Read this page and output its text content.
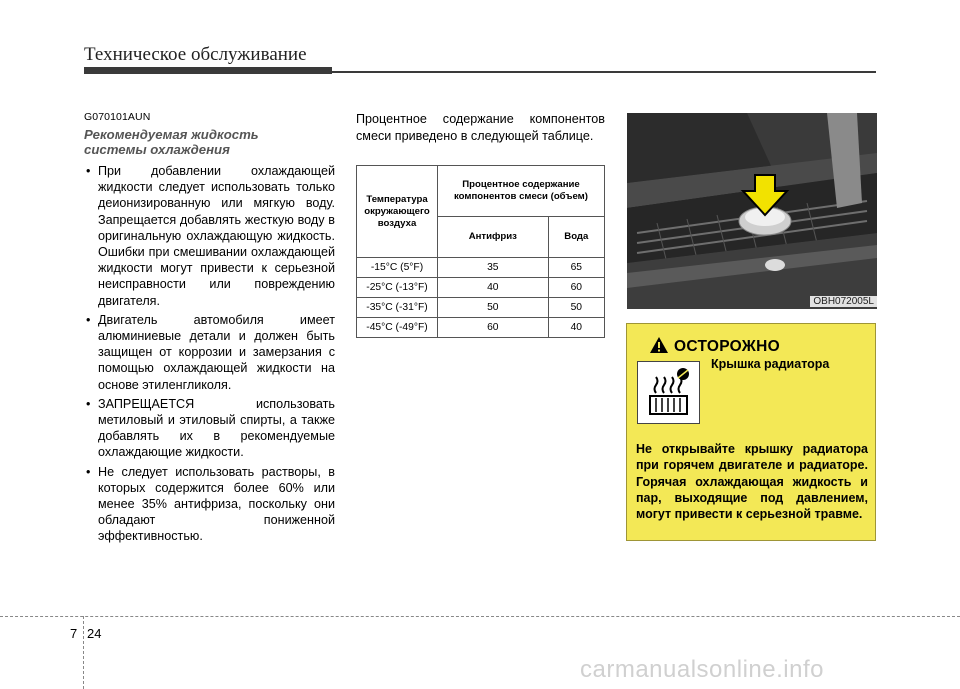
Техническое обслуживание
G070101AUN
Рекомендуемая жидкость
системы охлаждения
• При добавлении охлаждающей жидкости следует использовать только деионизированную или мягкую воду. Запрещается добавлять жесткую воду в оригинальную охлаждающую жидкость. Ошибки при смешивании охлаждающей жидкости могут привести к серьезной неисправности или повреждению двигателя.
• Двигатель автомобиля имеет алюминиевые детали и должен быть защищен от коррозии и замерзания с помощью охлаждающей жидкости на основе этиленгликоля.
• ЗАПРЕЩАЕТСЯ использовать метиловый и этиловый спирты, а также добавлять их в рекомендуемые охлаждающие жидкости.
• Не следует использовать растворы, в которых содержится более 60% или менее 35% антифриза, поскольку они обладают пониженной эффективностью.

Процентное содержание компонентов смеси приведено в следующей таблице.

Температура окружающего воздуха	Процентное содержание компонентов смеси (объем)	
	Антифриз	Вода
-15°C (5°F)	35	65
-25°C (-13°F)	40	60
-35°C (-31°F)	50	50
-45°C (-49°F)	60	40
OBH072005L
ОСТОРОЖНО
Крышка радиатора

Не открывайте крышку радиатора при горячем двигателе и радиаторе. Горячая охлаждающая жидкость и пар, выходящие под давлением, могут привести к серьезной травме.

7 24
carmanualsonline.info
